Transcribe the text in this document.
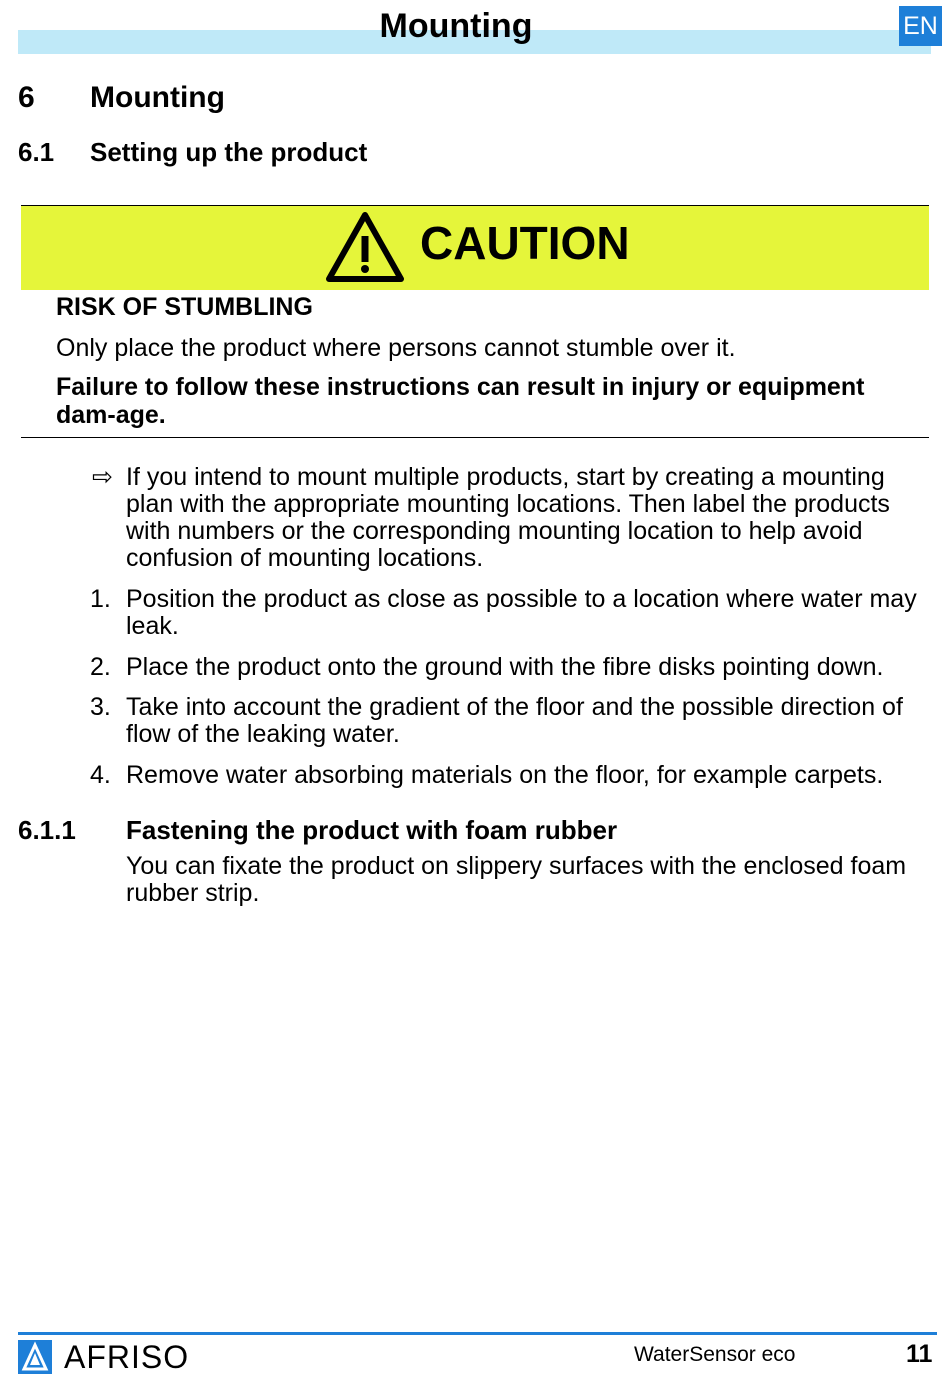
Mounting	EN
6 Mounting
6.1 Setting up the product
CAUTION
RISK OF STUMBLING
Only place the product where persons cannot stumble over it.
Failure to follow these instructions can result in injury or equipment dam-age.
⇨ If you intend to mount multiple products, start by creating a mounting plan with the appropriate mounting locations. Then label the products with numbers or the corresponding mounting location to help avoid confusion of mounting locations.
1. Position the product as close as possible to a location where water may leak.
2. Place the product onto the ground with the fibre disks pointing down.
3. Take into account the gradient of the floor and the possible direction of flow of the leaking water.
4. Remove water absorbing materials on the floor, for example carpets.
6.1.1 Fastening the product with foam rubber
You can fixate the product on slippery surfaces with the enclosed foam rubber strip.
AFRISO	WaterSensor eco	11
